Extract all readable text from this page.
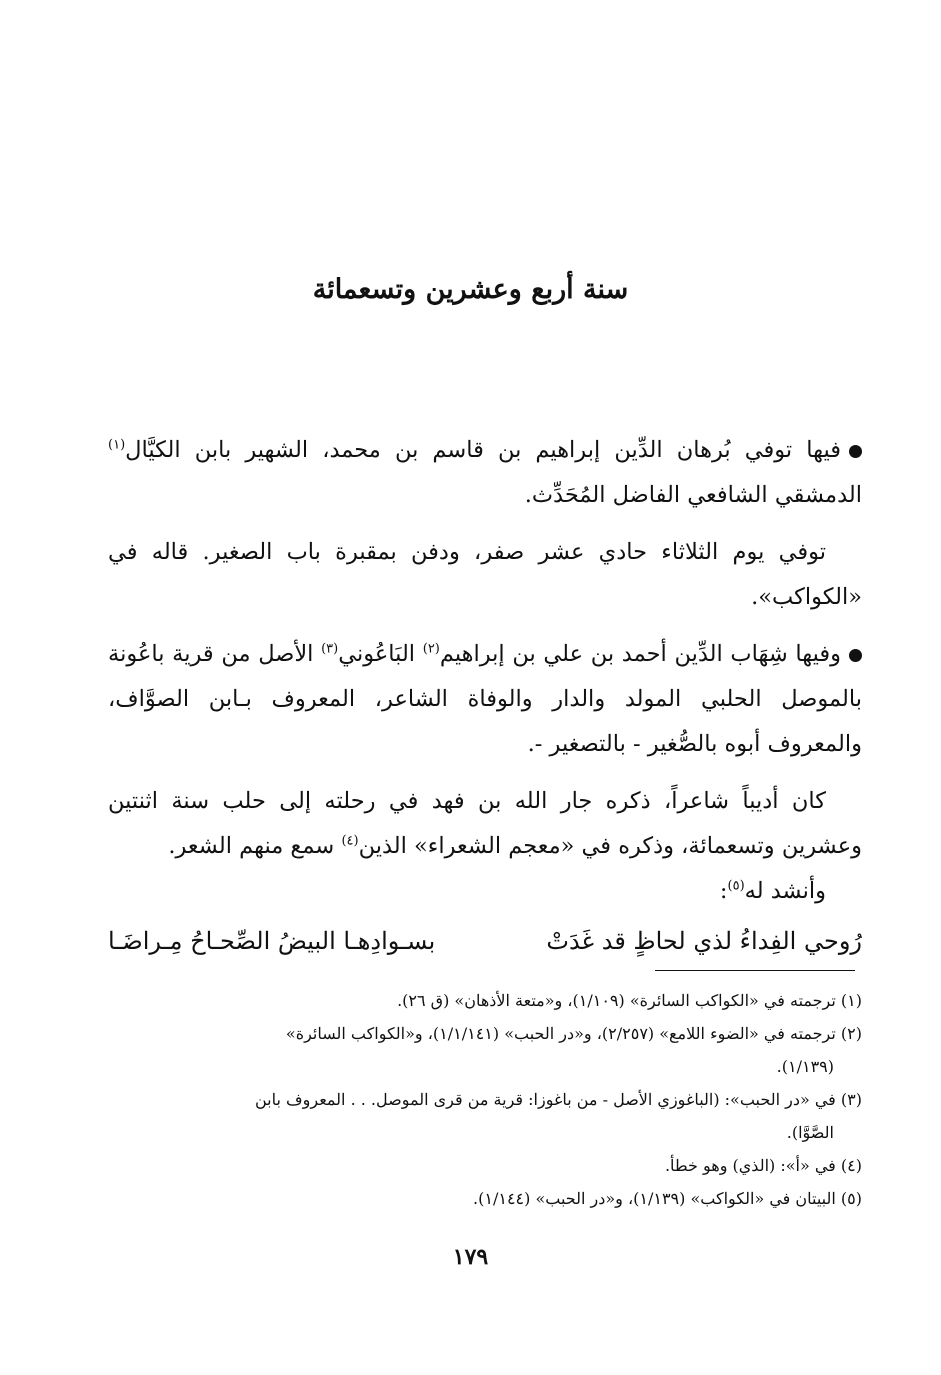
سنة أربع وعشرين وتسعمائة

فيها توفي بُرهان الدِّين إبراهيم بن قاسم بن محمد، الشهير بابن الكيَّال$^{(١)}$ الدمشقي الشافعي الفاضل المُحَدِّث.

توفي يوم الثلاثاء حادي عشر صفر، ودفن بمقبرة باب الصغير. قاله في «الكواكب».

وفيها شِهَاب الدِّين أحمد بن علي بن إبراهيم$^{(٢)}$ البَاعُوني$^{(٣)}$ الأصل من قرية باعُونة بالموصل الحلبي المولد والدار والوفاة الشاعر، المعروف بـابن الصوَّاف، والمعروف أبوه بالصُّغير - بالتصغير -.

كان أديباً شاعراً، ذكره جار الله بن فهد في رحلته إلى حلب سنة اثنتين وعشرين وتسعمائة، وذكره في «معجم الشعراء» الذين$^{(٤)}$ سمع منهم الشعر.

وأنشد له$^{(٥)}$:

رُوحي الفِداءُ لذي لحاظٍ قد غَدَتْ
بسـوادِهـا البيضُ الصِّحـاحُ مِـراضَـا

(١) ترجمته في «الكواكب السائرة» (١/١٠٩)، و«متعة الأذهان» (ق ٢٦).

(٢) ترجمته في «الضوء اللامع» (٢/٢٥٧)، و«در الحبب» (١/١/١٤١)، و«الكواكب السائرة»
(١/١٣٩).

(٣) في «در الحبب»: (الباغوزي الأصل - من باغوزا: قرية من قرى الموصل. . . المعروف بابن
الصَّوَّا).

(٤) في «أ»: (الذي) وهو خطأ.

(٥) البيتان في «الكواكب» (١/١٣٩)، و«در الحبب» (١/١٤٤).

١٧٩
